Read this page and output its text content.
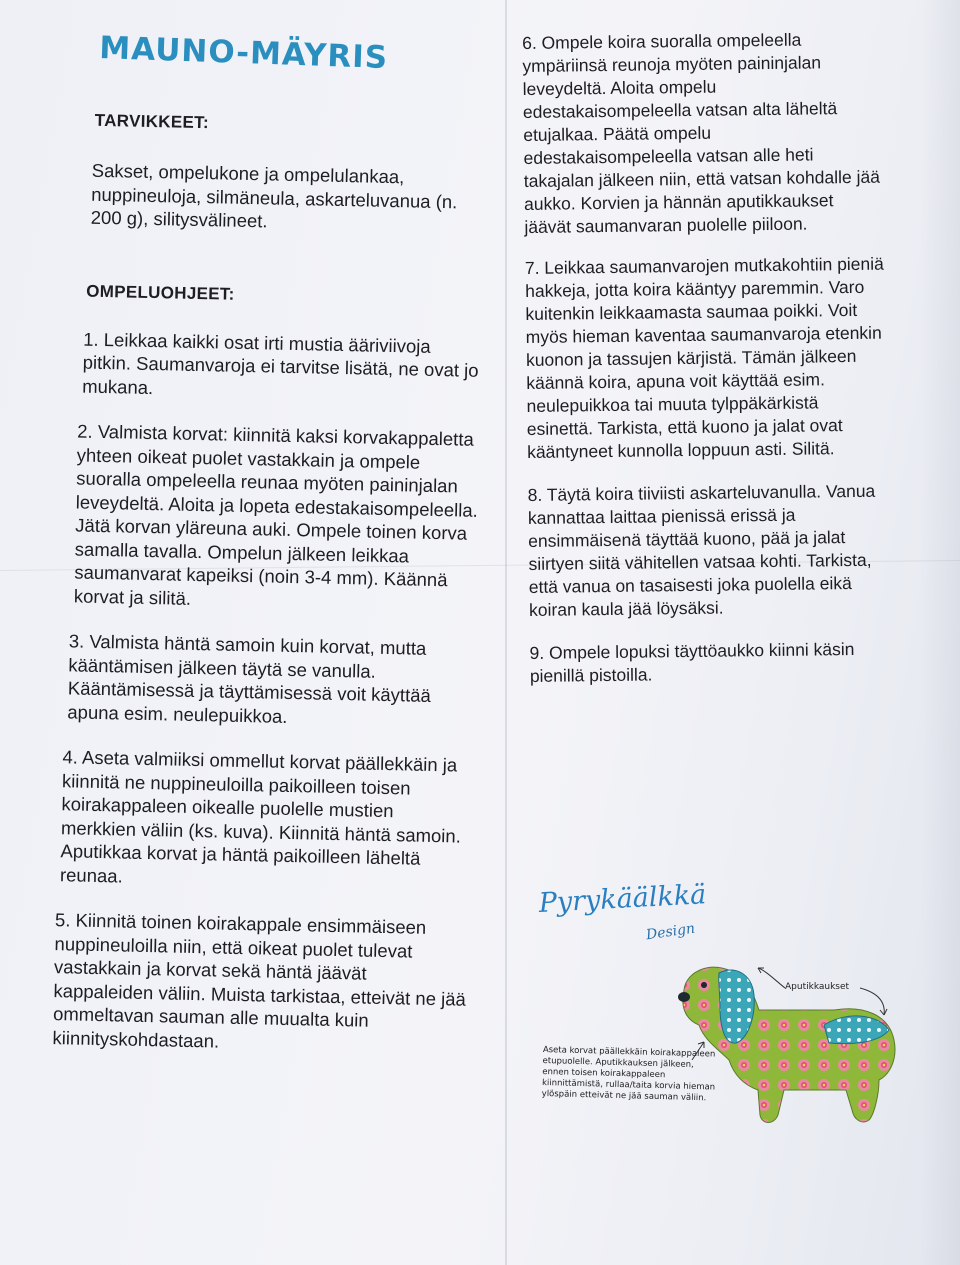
MAUNO-MÄYRIS
TARVIKKEET:

Sakset, ompelukone ja ompelulankaa, nuppineuloja, silmäneula, askarteluvanua (n. 200 g), silitysvälineet.

OMPELUOHJEET:

1. Leikkaa kaikki osat irti mustia ääriviivoja pitkin. Saumanvaroja ei tarvitse lisätä, ne ovat jo mukana.

2. Valmista korvat: kiinnitä kaksi korvakappaletta yhteen oikeat puolet vastakkain ja ompele suoralla ompeleella reunaa myöten paininjalan leveydeltä. Aloita ja lopeta edestakaisompeleella. Jätä korvan yläreuna auki. Ompele toinen korva samalla tavalla. Ompelun jälkeen leikkaa saumanvarat kapeiksi (noin 3-4 mm). Käännä korvat ja silitä.

3. Valmista häntä samoin kuin korvat, mutta kääntämisen jälkeen täytä se vanulla. Kääntämisessä ja täyttämisessä voit käyttää apuna esim. neulepuikkoa.

4. Aseta valmiiksi ommellut korvat päällekkäin ja kiinnitä ne nuppineuloilla paikoilleen toisen koirakappaleen oikealle puolelle mustien merkkien väliin (ks. kuva). Kiinnitä häntä samoin. Aputikkaa korvat ja häntä paikoilleen läheltä reunaa.

5. Kiinnitä toinen koirakappale ensimmäiseen nuppineuloilla niin, että oikeat puolet tulevat vastakkain ja korvat sekä häntä jäävät kappaleiden väliin. Muista tarkistaa, etteivät ne jää ommeltavan sauman alle muualta kuin kiinnityskohdastaan.

6. Ompele koira suoralla ompeleella ympäriinsä reunoja myöten paininjalan leveydeltä. Aloita ompelu edestakaisompeleella vatsan alta läheltä etujalkaa. Päätä ompelu edestakaisompeleella vatsan alle heti takajalan jälkeen niin, että vatsan kohdalle jää aukko. Korvien ja hännän aputikkaukset jäävät saumanvaran puolelle piiloon.

7. Leikkaa saumanvarojen mutkakohtiin pieniä hakkeja, jotta koira kääntyy paremmin. Varo kuitenkin leikkaamasta saumaa poikki. Voit myös hieman kaventaa saumanvaroja etenkin kuonon ja tassujen kärjistä. Tämän jälkeen käännä koira, apuna voit käyttää esim. neulepuikkoa tai muuta tylppäkärkistä esinettä. Tarkista, että kuono ja jalat ovat kääntyneet kunnolla loppuun asti. Silitä.

8. Täytä koira tiiviisti askarteluvanulla. Vanua kannattaa laittaa pienissä erissä ja ensimmäisenä täyttää kuono, pää ja jalat siirtyen siitä vähitellen vatsaa kohti. Tarkista, että vanua on tasaisesti joka puolella eikä koiran kaula jää löysäksi.

9. Ompele lopuksi täyttöaukko kiinni käsin pienillä pistoilla.

Pyrykäälkkä
Design
Aputikkaukset
Aseta korvat päällekkäin koirakappaleen etupuolelle. Aputikkauksen jälkeen, ennen toisen koirakappaleen kiinnittämistä, rullaa/taita korvia hieman ylöspäin etteivät ne jää sauman väliin.
